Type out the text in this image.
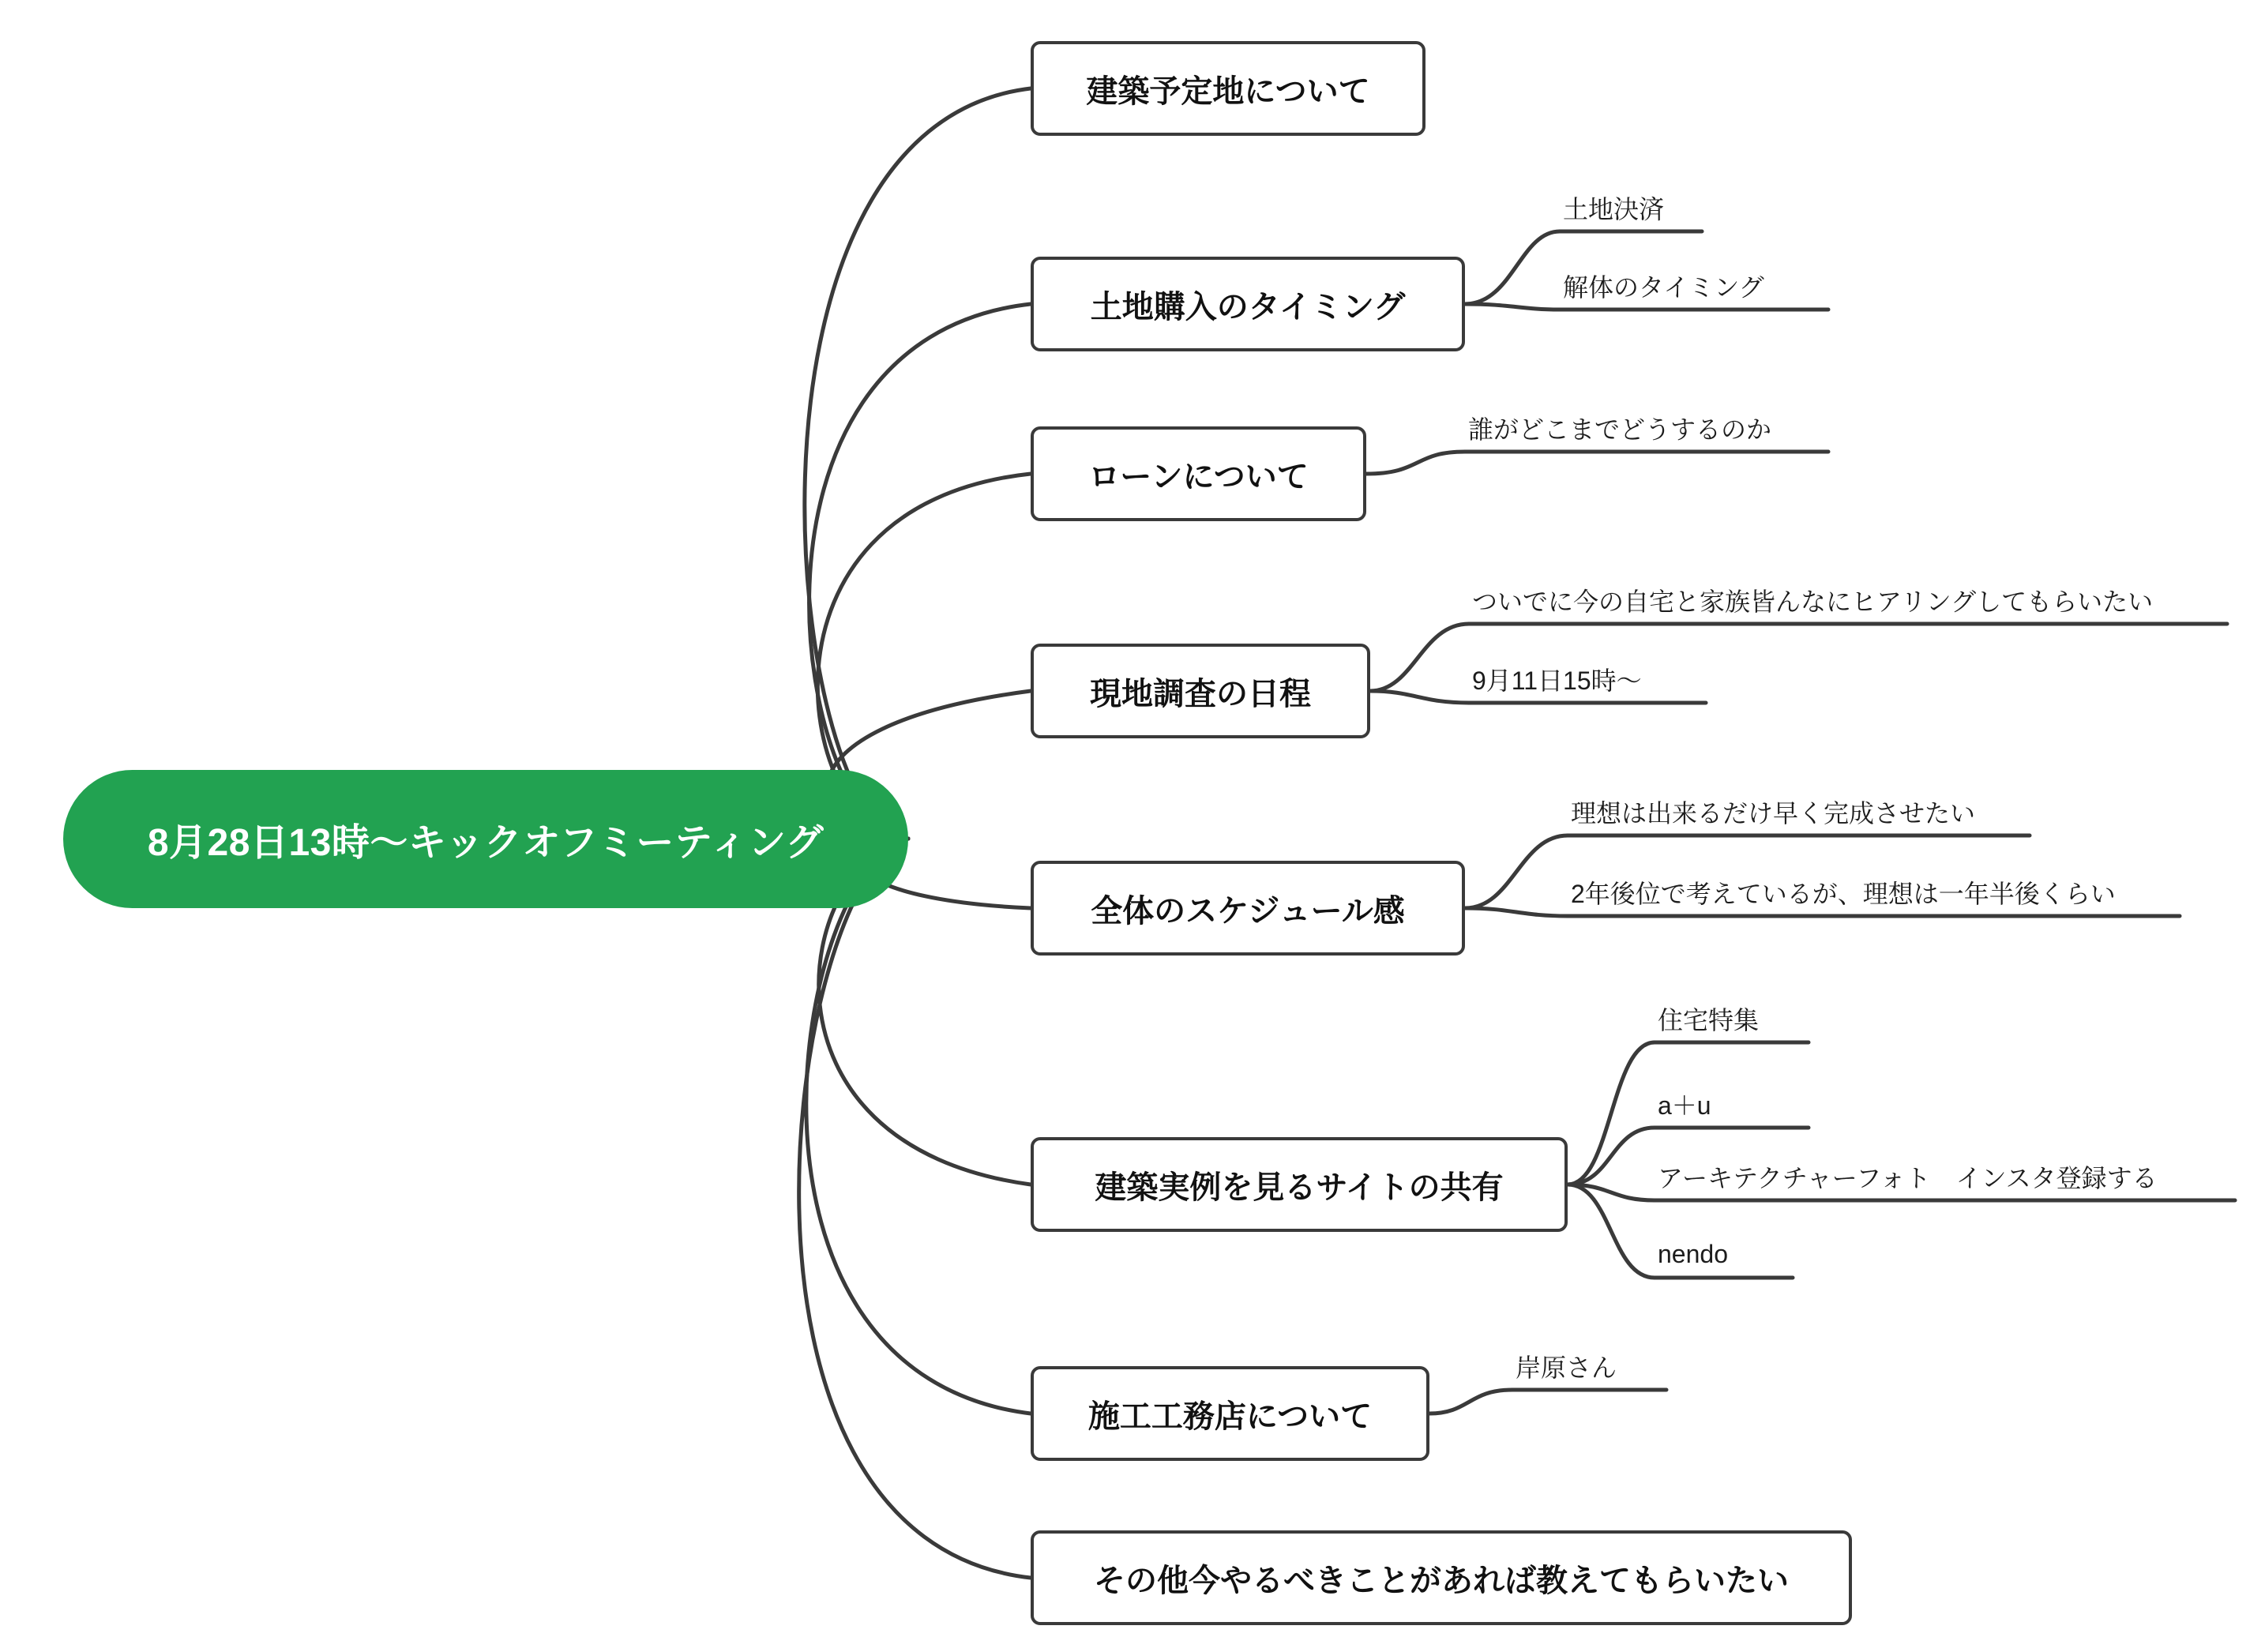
8月28日13時〜キックオフミーティング
建築予定地について
土地購入のタイミング
土地決済
解体のタイミング
ローンについて
誰がどこまでどうするのか
現地調査の日程
ついでに今の自宅と家族皆んなにヒアリングしてもらいたい
9月11日15時〜
全体のスケジュール感
理想は出来るだけ早く完成させたい
2年後位で考えているが、理想は一年半後くらい
建築実例を見るサイトの共有
住宅特集
a＋u
アーキテクチャーフォト　インスタ登録する
nendo
施工工務店について
岸原さん
その他今やるべきことがあれば教えてもらいたい
